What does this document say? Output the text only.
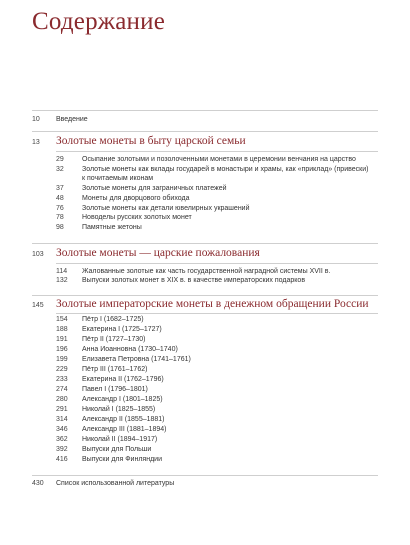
Содержание
10 Введение
13 Золотые монеты в быту царской семьи
29	Осыпание золотыми и позолоченными монетами в церемонии венчания на царство
32	Золотые монеты как вклады государей в монастыри и храмы, как «приклад» (привески)
к почитаемым иконам
37	Золотые монеты для заграничных платежей
48	Монеты для дворцового обихода
76	Золотые монеты как детали ювелирных украшений
78	Новоделы русских золотых монет
98	Памятные жетоны
103 Золотые монеты — царские пожалования
114 Жалованные золотые как часть государственной наградной системы XVII в.
132 Выпуски золотых монет в XIX в. в качестве императорских подарков
145 Золотые императорские монеты в денежном обращении России
154 Пётр I (1682–1725)
188 Екатерина I (1725–1727)
191 Пётр II (1727–1730)
196 Анна Иоанновна (1730–1740)
199 Елизавета Петровна (1741–1761)
229 Пётр III (1761–1762)
233 Екатерина II (1762–1796)
274 Павел I (1796–1801)
280 Александр I (1801–1825)
291 Николай I (1825–1855)
314 Александр II (1855–1881)
346 Александр III (1881–1894)
362 Николай II (1894–1917)
392 Выпуски для Польши
416 Выпуски для Финляндии
430 Список использованной литературы
